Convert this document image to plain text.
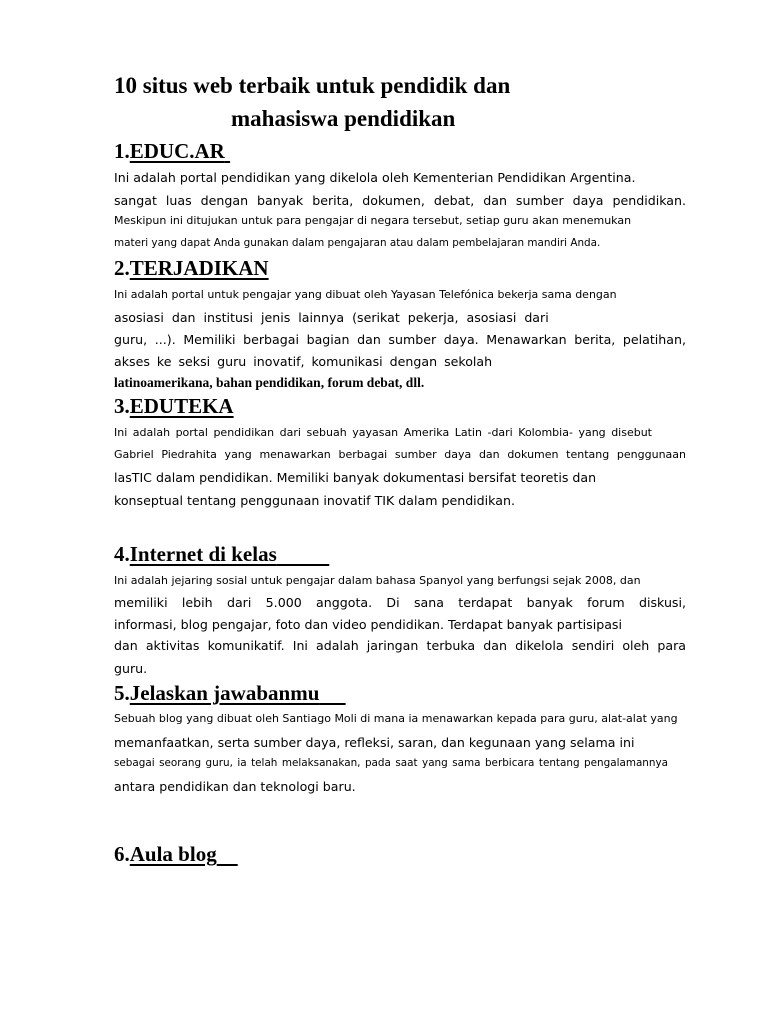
10 situs web terbaik untuk pendidik dan
mahasiswa pendidikan
1.EDUC.AR
Ini adalah portal pendidikan yang dikelola oleh Kementerian Pendidikan Argentina.
sangat luas dengan banyak berita, dokumen, debat, dan sumber daya pendidikan.
Meskipun ini ditujukan untuk para pengajar di negara tersebut, setiap guru akan menemukan
materi yang dapat Anda gunakan dalam pengajaran atau dalam pembelajaran mandiri Anda.
2.TERJADIKAN
Ini adalah portal untuk pengajar yang dibuat oleh Yayasan Telefónica bekerja sama dengan
asosiasi dan institusi jenis lainnya (serikat pekerja, asosiasi dari
guru, ...). Memiliki berbagai bagian dan sumber daya. Menawarkan berita, pelatihan,
akses ke seksi guru inovatif, komunikasi dengan sekolah
latinoamerikana, bahan pendidikan, forum debat, dll.
3.EDUTEKA
Ini adalah portal pendidikan dari sebuah yayasan Amerika Latin -dari Kolombia- yang disebut
Gabriel Piedrahita yang menawarkan berbagai sumber daya dan dokumen tentang penggunaan
lasTIC dalam pendidikan. Memiliki banyak dokumentasi bersifat teoretis dan
konseptual tentang penggunaan inovatif TIK dalam pendidikan.
4.Internet di kelas
Ini adalah jejaring sosial untuk pengajar dalam bahasa Spanyol yang berfungsi sejak 2008, dan
memiliki lebih dari 5.000 anggota. Di sana terdapat banyak forum diskusi,
informasi, blog pengajar, foto dan video pendidikan. Terdapat banyak partisipasi
dan aktivitas komunikatif. Ini adalah jaringan terbuka dan dikelola sendiri oleh para
guru.
5.Jelaskan jawabanmu
Sebuah blog yang dibuat oleh Santiago Moli di mana ia menawarkan kepada para guru, alat-alat yang
memanfaatkan, serta sumber daya, refleksi, saran, dan kegunaan yang selama ini
sebagai seorang guru, ia telah melaksanakan, pada saat yang sama berbicara tentang pengalamannya
antara pendidikan dan teknologi baru.
6.Aula blog
